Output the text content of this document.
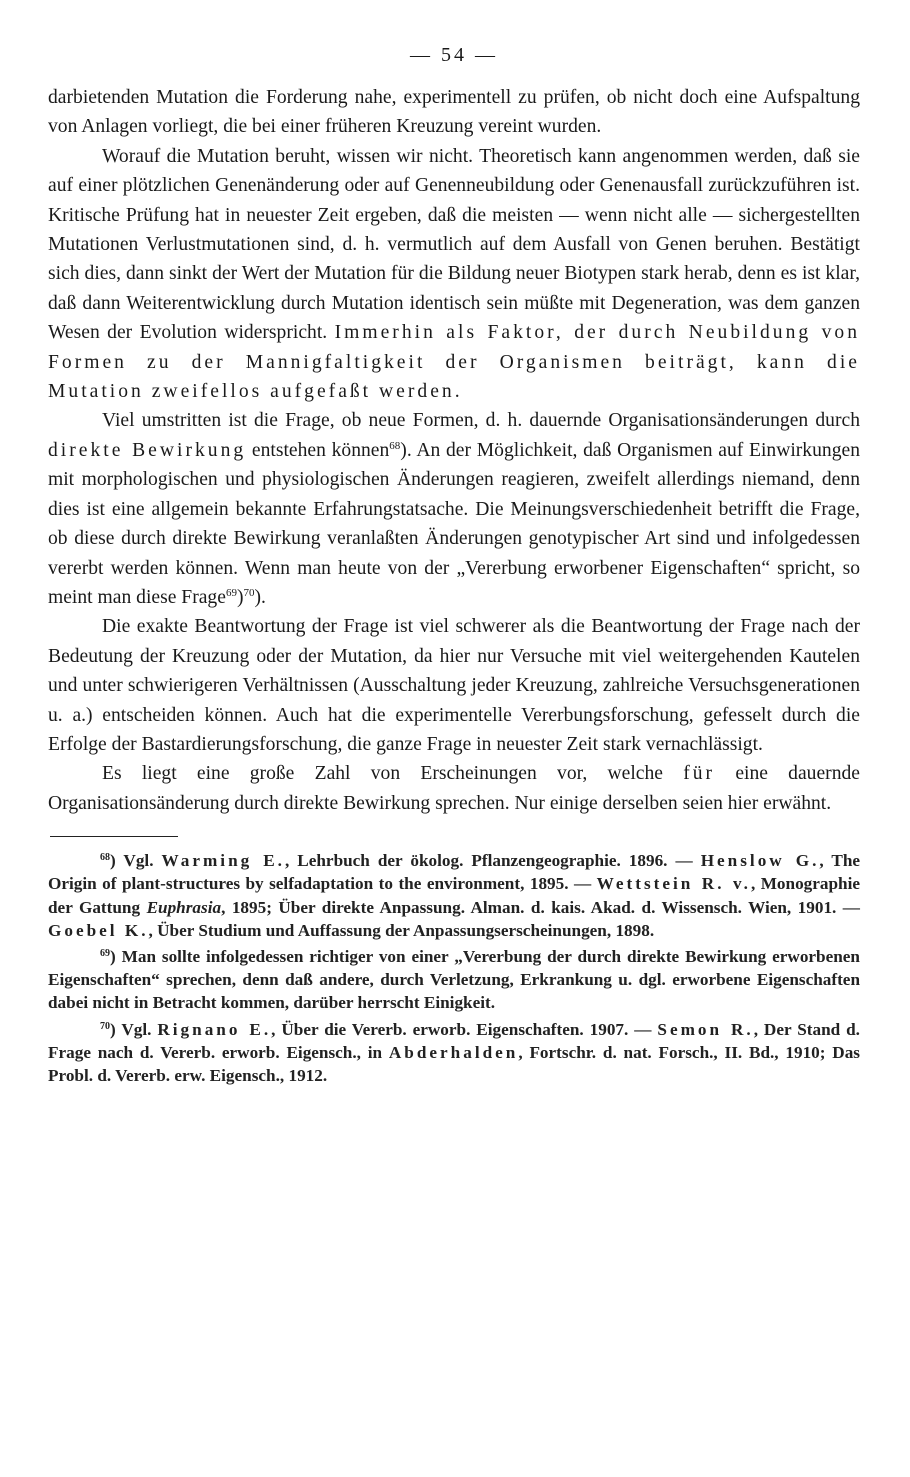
— 54 —

darbietenden Mutation die Forderung nahe, experimentell zu prüfen, ob nicht doch eine Aufspaltung von Anlagen vorliegt, die bei einer früheren Kreuzung vereint wurden.

Worauf die Mutation beruht, wissen wir nicht. Theoretisch kann angenommen werden, daß sie auf einer plötzlichen Genenänderung oder auf Genenneubildung oder Genenausfall zurückzuführen ist. Kritische Prüfung hat in neuester Zeit ergeben, daß die meisten — wenn nicht alle — sichergestellten Mutationen Verlustmutationen sind, d. h. vermutlich auf dem Ausfall von Genen beruhen. Bestätigt sich dies, dann sinkt der Wert der Mutation für die Bildung neuer Biotypen stark herab, denn es ist klar, daß dann Weiterentwicklung durch Mutation identisch sein müßte mit Degeneration, was dem ganzen Wesen der Evolution widerspricht. Immerhin als Faktor, der durch Neubildung von Formen zu der Mannigfaltigkeit der Organismen beiträgt, kann die Mutation zweifellos aufgefaßt werden.

Viel umstritten ist die Frage, ob neue Formen, d. h. dauernde Organisationsänderungen durch direkte Bewirkung entstehen können$^{68}$). An der Möglichkeit, daß Organismen auf Einwirkungen mit morphologischen und physiologischen Änderungen reagieren, zweifelt allerdings niemand, denn dies ist eine allgemein bekannte Erfahrungstatsache. Die Meinungsverschiedenheit betrifft die Frage, ob diese durch direkte Bewirkung veranlaßten Änderungen genotypischer Art sind und infolgedessen vererbt werden können. Wenn man heute von der „Vererbung erworbener Eigenschaften“ spricht, so meint man diese Frage$^{69}$)$^{70}$).

Die exakte Beantwortung der Frage ist viel schwerer als die Beantwortung der Frage nach der Bedeutung der Kreuzung oder der Mutation, da hier nur Versuche mit viel weitergehenden Kautelen und unter schwierigeren Verhältnissen (Ausschaltung jeder Kreuzung, zahlreiche Versuchsgenerationen u. a.) entscheiden können. Auch hat die experimentelle Vererbungsforschung, gefesselt durch die Erfolge der Bastardierungsforschung, die ganze Frage in neuester Zeit stark vernachlässigt.

Es liegt eine große Zahl von Erscheinungen vor, welche für eine dauernde Organisationsänderung durch direkte Bewirkung sprechen. Nur einige derselben seien hier erwähnt.

$^{68}$) Vgl. Warming E., Lehrbuch der ökolog. Pflanzengeographie. 1896. — Henslow G., The Origin of plant-structures by selfadaptation to the environment, 1895. — Wettstein R. v., Monographie der Gattung Euphrasia, 1895; Über direkte Anpassung. Alman. d. kais. Akad. d. Wissensch. Wien, 1901. — Goebel K., Über Studium und Auffassung der Anpassungserscheinungen, 1898.

$^{69}$) Man sollte infolgedessen richtiger von einer „Vererbung der durch direkte Bewirkung erworbenen Eigenschaften“ sprechen, denn daß andere, durch Verletzung, Erkrankung u. dgl. erworbene Eigenschaften dabei nicht in Betracht kommen, darüber herrscht Einigkeit.

$^{70}$) Vgl. Rignano E., Über die Vererb. erworb. Eigenschaften. 1907. — Semon R., Der Stand d. Frage nach d. Vererb. erworb. Eigensch., in Abderhalden, Fortschr. d. nat. Forsch., II. Bd., 1910; Das Probl. d. Vererb. erw. Eigensch., 1912.
